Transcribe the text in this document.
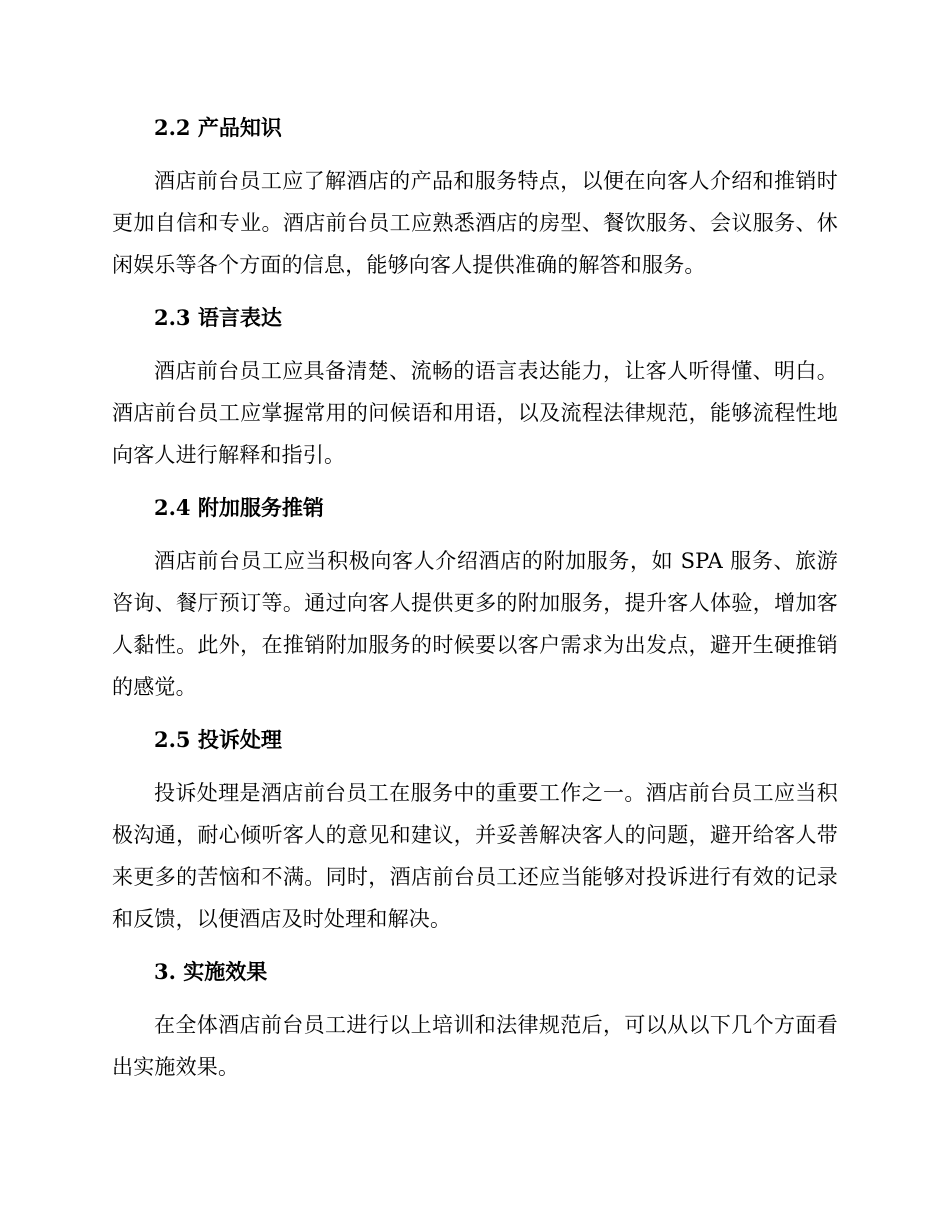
2.2 产品知识

酒店前台员工应了解酒店的产品和服务特点，以便在向客人介绍和推销时更加自信和专业。酒店前台员工应熟悉酒店的房型、餐饮服务、会议服务、休闲娱乐等各个方面的信息，能够向客人提供准确的解答和服务。

2.3 语言表达

酒店前台员工应具备清楚、流畅的语言表达能力，让客人听得懂、明白。酒店前台员工应掌握常用的问候语和用语，以及流程法律规范，能够流程性地向客人进行解释和指引。

2.4 附加服务推销

酒店前台员工应当积极向客人介绍酒店的附加服务，如 SPA 服务、旅游咨询、餐厅预订等。通过向客人提供更多的附加服务，提升客人体验，增加客人黏性。此外，在推销附加服务的时候要以客户需求为出发点，避开生硬推销的感觉。

2.5 投诉处理

投诉处理是酒店前台员工在服务中的重要工作之一。酒店前台员工应当积极沟通，耐心倾听客人的意见和建议，并妥善解决客人的问题，避开给客人带来更多的苦恼和不满。同时，酒店前台员工还应当能够对投诉进行有效的记录和反馈，以便酒店及时处理和解决。

3. 实施效果

在全体酒店前台员工进行以上培训和法律规范后，可以从以下几个方面看出实施效果。
